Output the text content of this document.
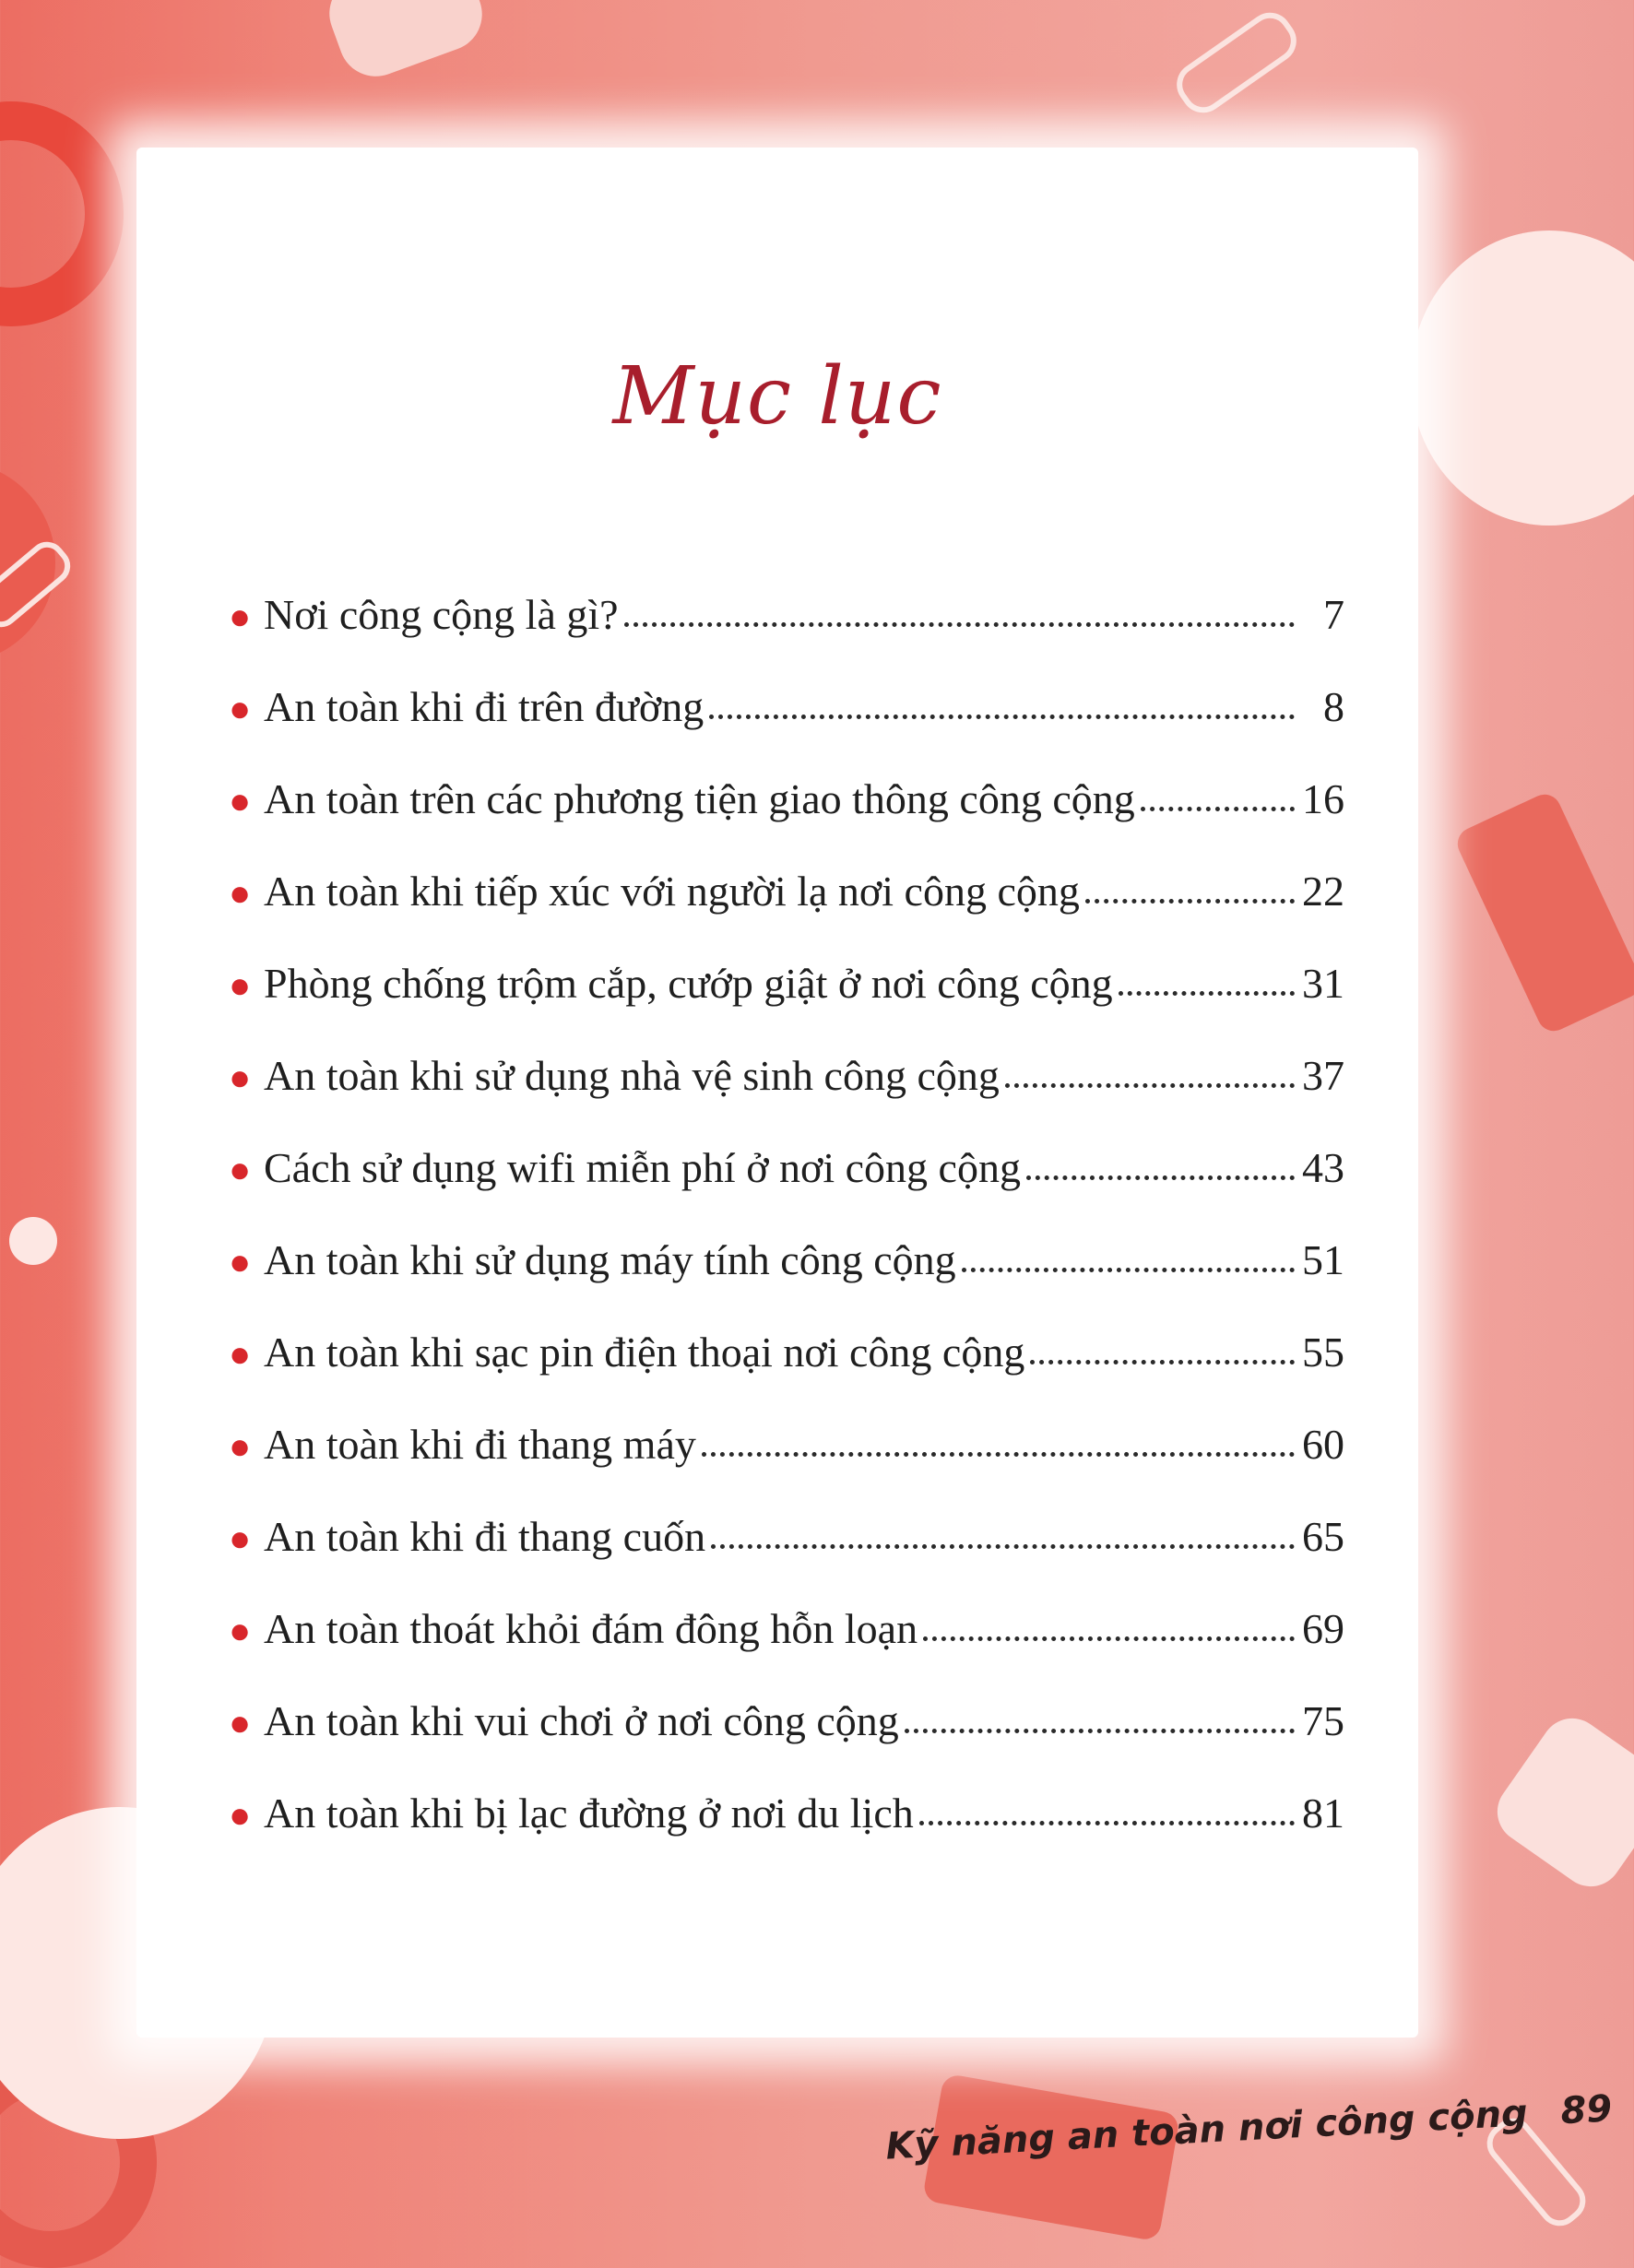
Mục lục
● Nơi công cộng là gì?	7
● An toàn khi đi trên đường	8
● An toàn trên các phương tiện giao thông công cộng	16
● An toàn khi tiếp xúc với người lạ nơi công cộng	22
● Phòng chống trộm cắp, cướp giật ở nơi công cộng	31
● An toàn khi sử dụng nhà vệ sinh công cộng	37
● Cách sử dụng wifi miễn phí ở nơi công cộng	43
● An toàn khi sử dụng máy tính công cộng	51
● An toàn khi sạc pin điện thoại nơi công cộng	55
● An toàn khi đi thang máy	60
● An toàn khi đi thang cuốn	65
● An toàn thoát khỏi đám đông hỗn loạn	69
● An toàn khi vui chơi ở nơi công cộng	75
● An toàn khi bị lạc đường ở nơi du lịch	81
Kỹ năng an toàn nơi công cộng 89
